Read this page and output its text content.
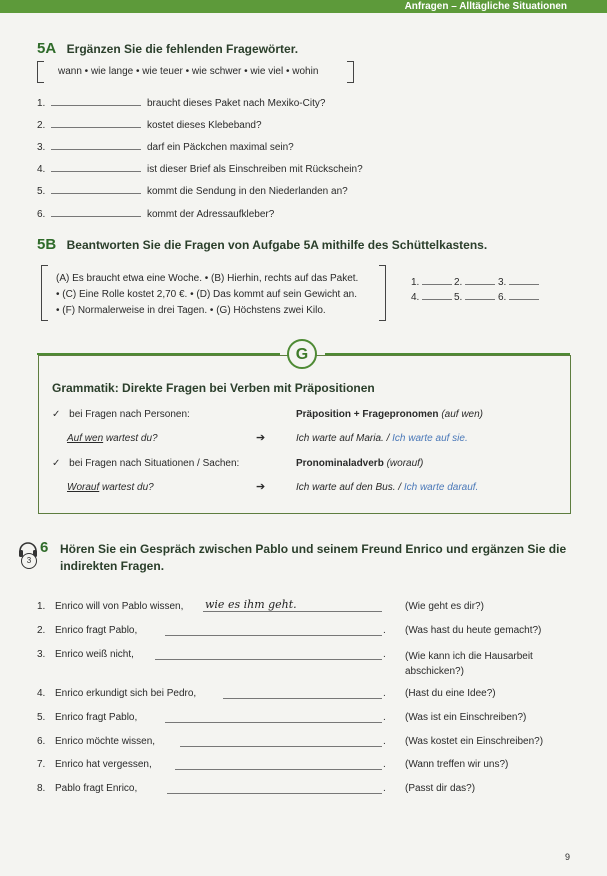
Anfragen – Alltägliche Situationen
5A Ergänzen Sie die fehlenden Fragewörter.
wann • wie lange • wie teuer • wie schwer • wie viel • wohin
1.	braucht dieses Paket nach Mexiko-City?
2.	kostet dieses Klebeband?
3.	darf ein Päckchen maximal sein?
4.	ist dieser Brief als Einschreiben mit Rückschein?
5.	kommt die Sendung in den Niederlanden an?
6.	kommt der Adressaufkleber?
5B Beantworten Sie die Fragen von Aufgabe 5A mithilfe des Schüttelkastens.
(A) Es braucht etwa eine Woche. • (B) Hierhin, rechts auf das Paket.
• (C) Eine Rolle kostet 2,70 €. • (D) Das kommt auf sein Gewicht an.
• (F) Normalerweise in drei Tagen. • (G) Höchstens zwei Kilo.
1.	2.	3.
4.	5.	6.
G
Grammatik: Direkte Fragen bei Verben mit Präpositionen
✓ bei Fragen nach Personen:	Präposition + Fragepronomen (auf wen)
Auf wen wartest du?	➔	Ich warte auf Maria. / Ich warte auf sie.
✓ bei Fragen nach Situationen / Sachen:	Pronominaladverb (worauf)
Worauf wartest du?	➔	Ich warte auf den Bus. / Ich warte darauf.
3
6 Hören Sie ein Gespräch zwischen Pablo und seinem Freund Enrico und ergänzen Sie die
indirekten Fragen.
1. Enrico will von Pablo wissen, wie es ihm geht.	(Wie geht es dir?)
2. Enrico fragt Pablo,	. (Was hast du heute gemacht?)
3. Enrico weiß nicht,	. (Wie kann ich die Hausarbeit
abschicken?)
4. Enrico erkundigt sich bei Pedro,	. (Hast du eine Idee?)
5. Enrico fragt Pablo,	. (Was ist ein Einschreiben?)
6. Enrico möchte wissen,	. (Was kostet ein Einschreiben?)
7. Enrico hat vergessen,	. (Wann treffen wir uns?)
8. Pablo fragt Enrico,	. (Passt dir das?)
9
